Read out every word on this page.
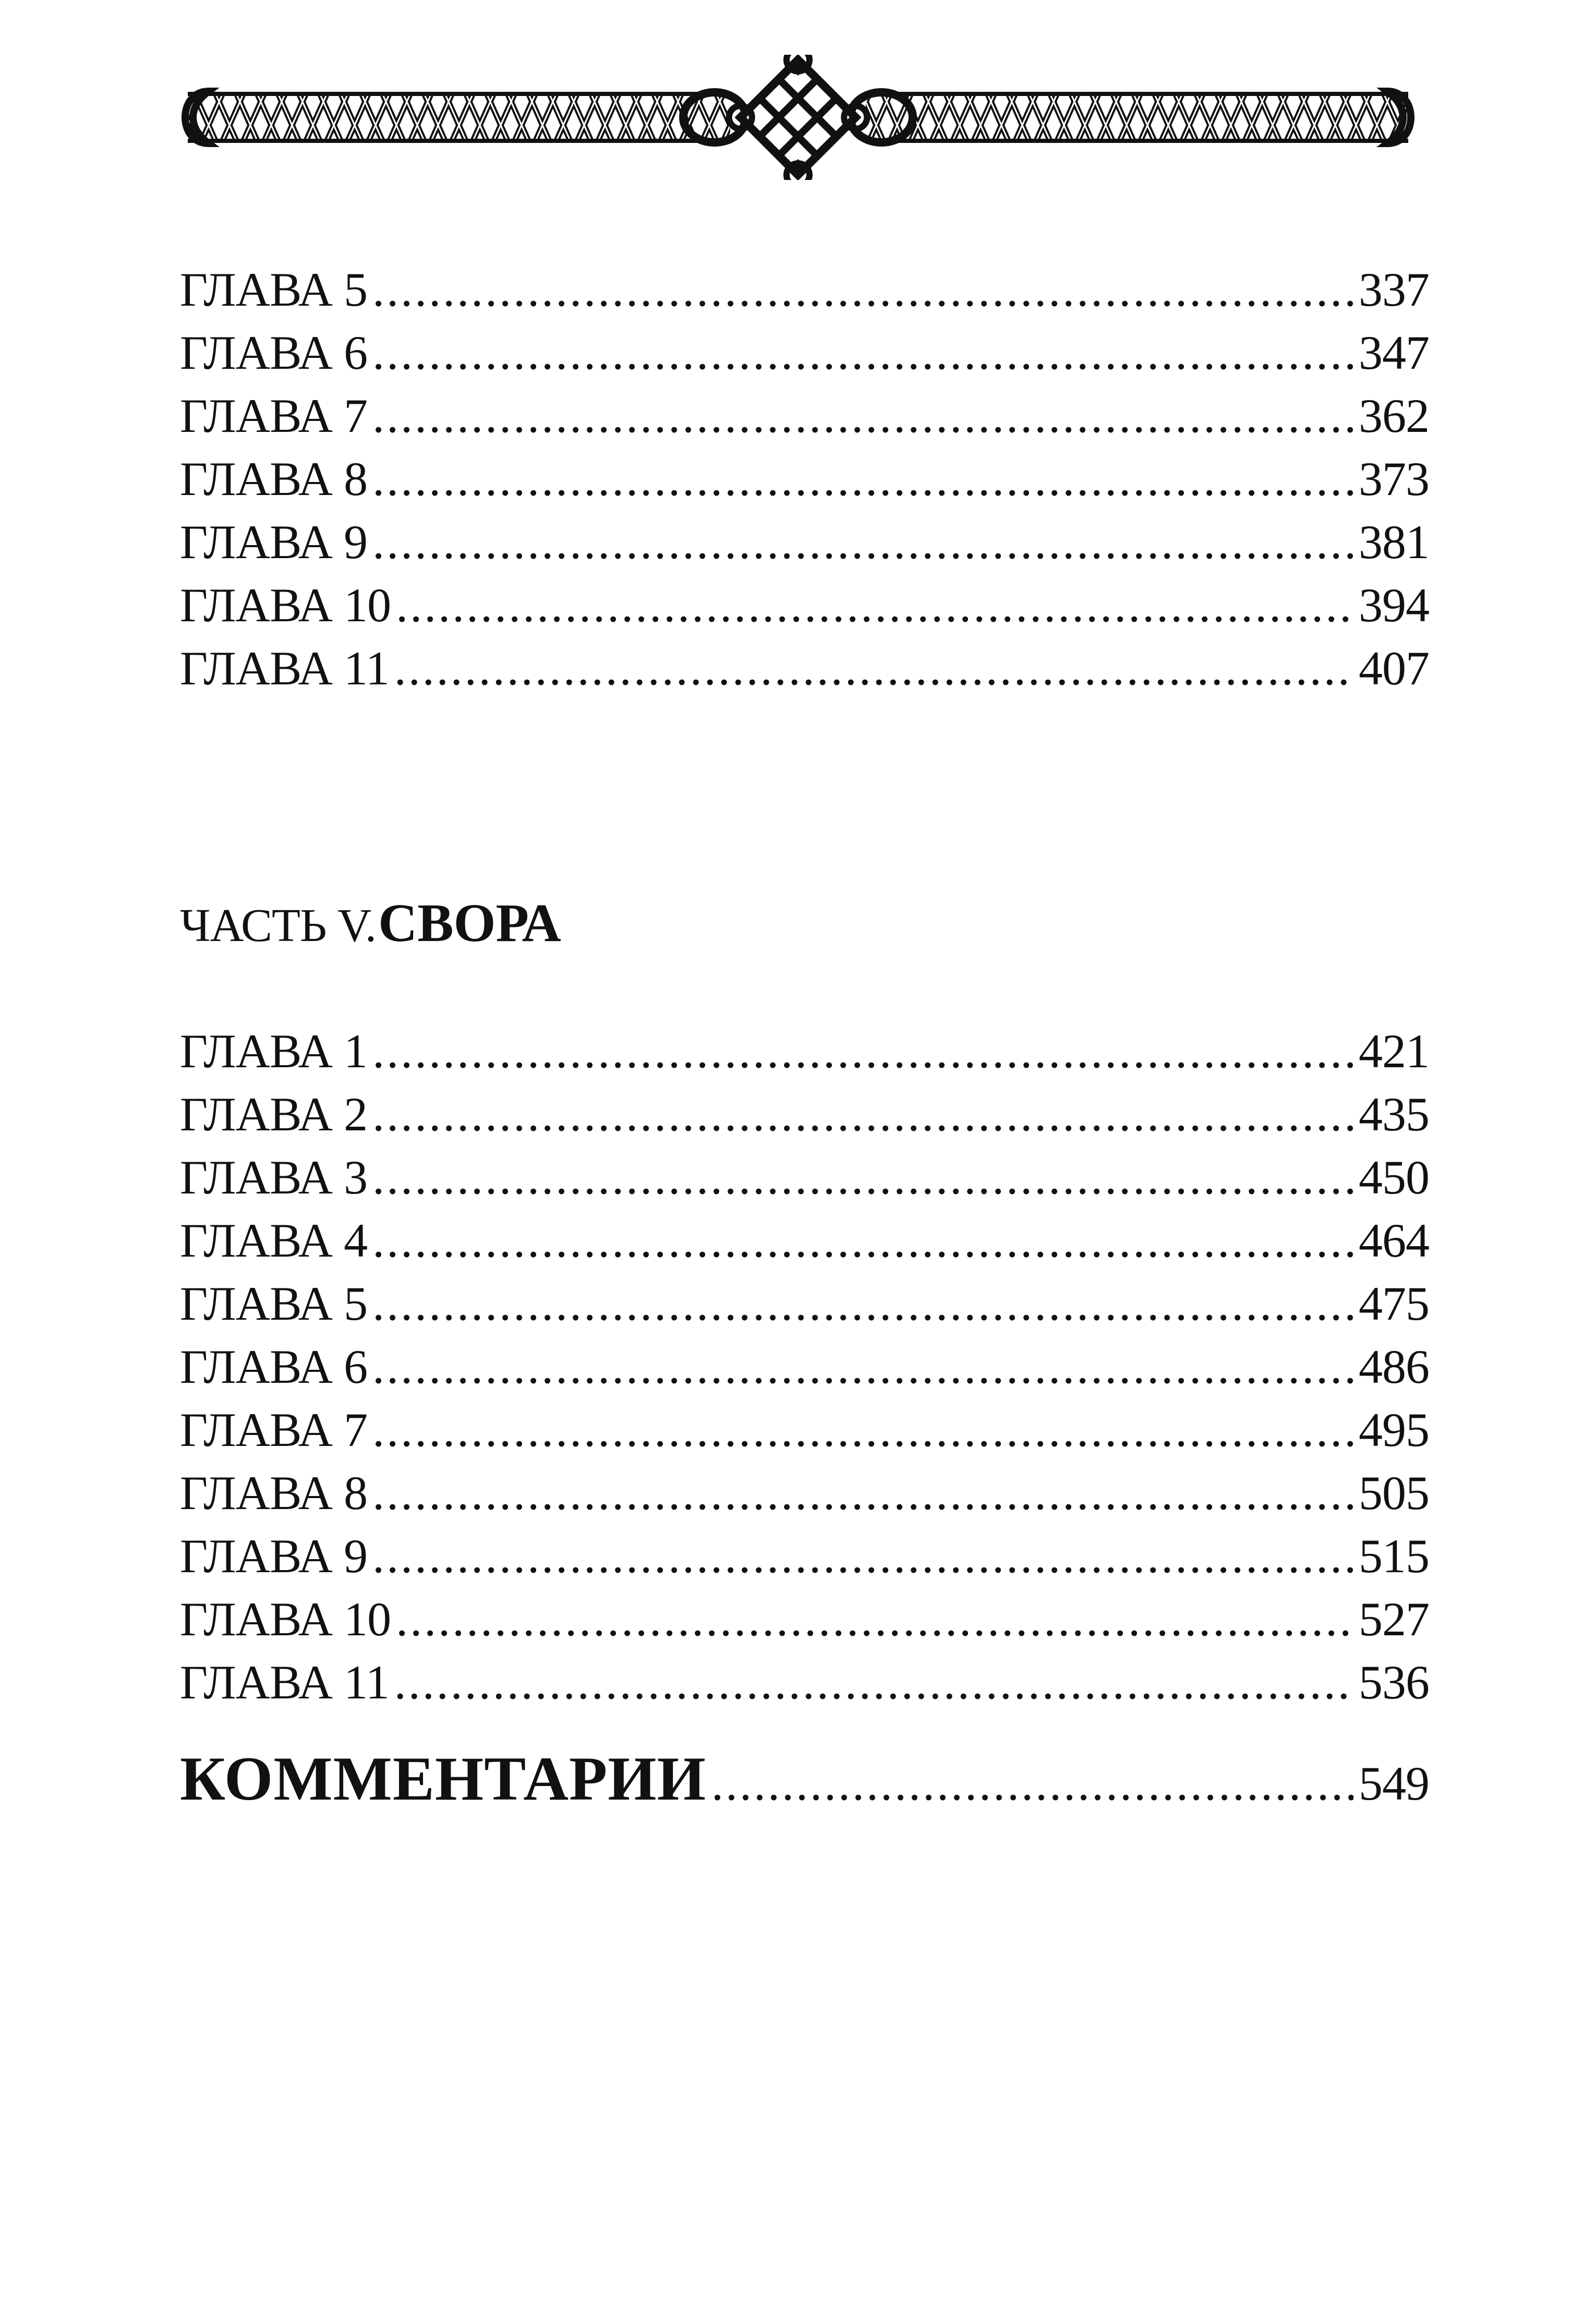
ГЛАВА 5 .....	337
ГЛАВА 6 .....	347
ГЛАВА 7 .....	362
ГЛАВА 8 .....	373
ГЛАВА 9 .....	381
ГЛАВА 10 .....	394
ГЛАВА 11 .....	407
ЧАСТЬ V. СВОРА
ГЛАВА 1 .....	421
ГЛАВА 2 .....	435
ГЛАВА 3 .....	450
ГЛАВА 4 .....	464
ГЛАВА 5 .....	475
ГЛАВА 6 .....	486
ГЛАВА 7 .....	495
ГЛАВА 8 .....	505
ГЛАВА 9 .....	515
ГЛАВА 10 .....	527
ГЛАВА 11 .....	536
КОММЕНТАРИИ .....	549
